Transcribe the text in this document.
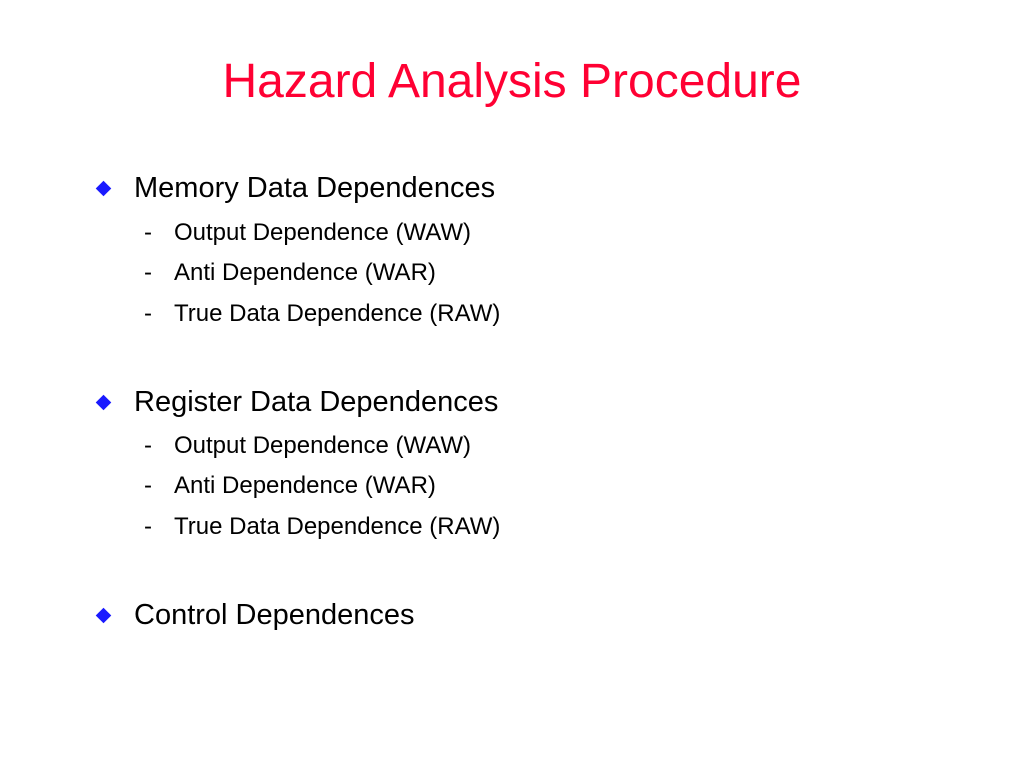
Hazard Analysis Procedure
Memory Data Dependences
- Output Dependence (WAW)
- Anti Dependence (WAR)
- True Data Dependence (RAW)
Register Data Dependences
- Output Dependence (WAW)
- Anti Dependence (WAR)
- True Data Dependence (RAW)
Control Dependences
